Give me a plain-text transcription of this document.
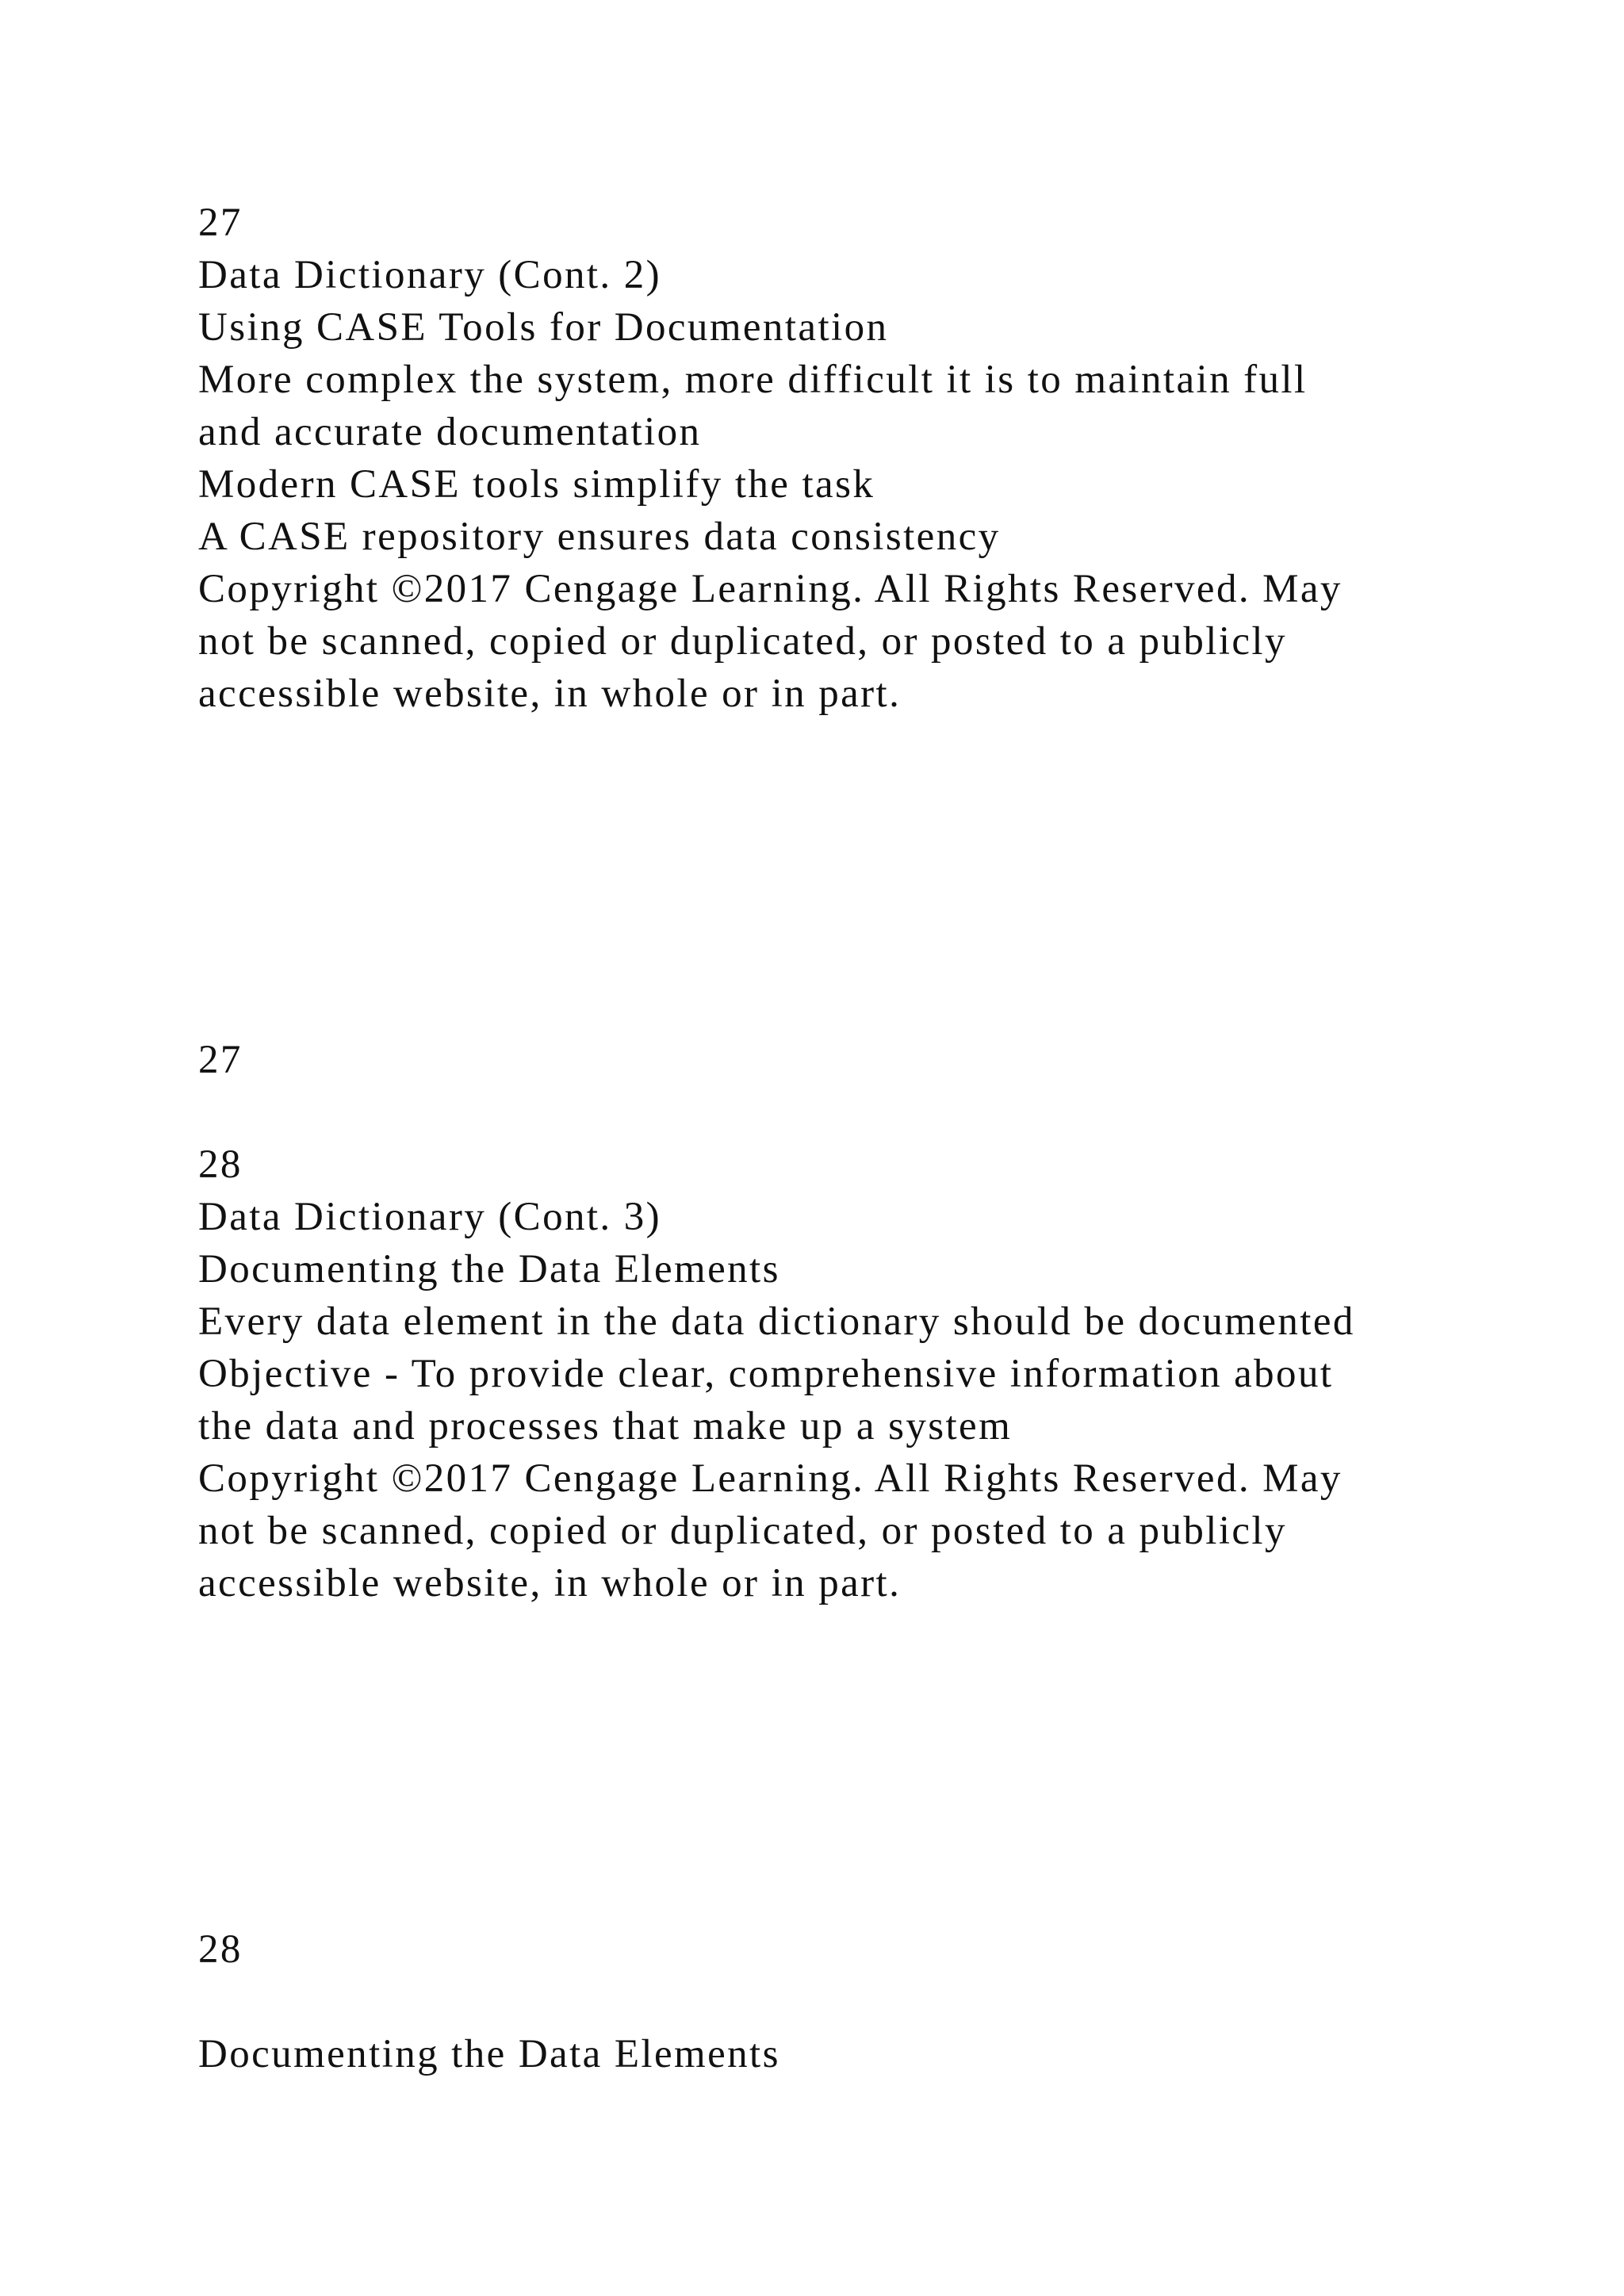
27

Data Dictionary (Cont. 2)

Using CASE Tools for Documentation

More complex the system, more difficult it is to maintain full

and accurate documentation

Modern CASE tools simplify the task

A CASE repository ensures data consistency

Copyright ©2017 Cengage Learning. All Rights Reserved. May

not be scanned, copied or duplicated, or posted to a publicly

accessible website, in whole or in part.

27

28

Data Dictionary (Cont. 3)

Documenting the Data Elements

Every data element in the data dictionary should be documented

Objective - To provide clear, comprehensive information about

the data and processes that make up a system

Copyright ©2017 Cengage Learning. All Rights Reserved. May

not be scanned, copied or duplicated, or posted to a publicly

accessible website, in whole or in part.

28

Documenting the Data Elements
